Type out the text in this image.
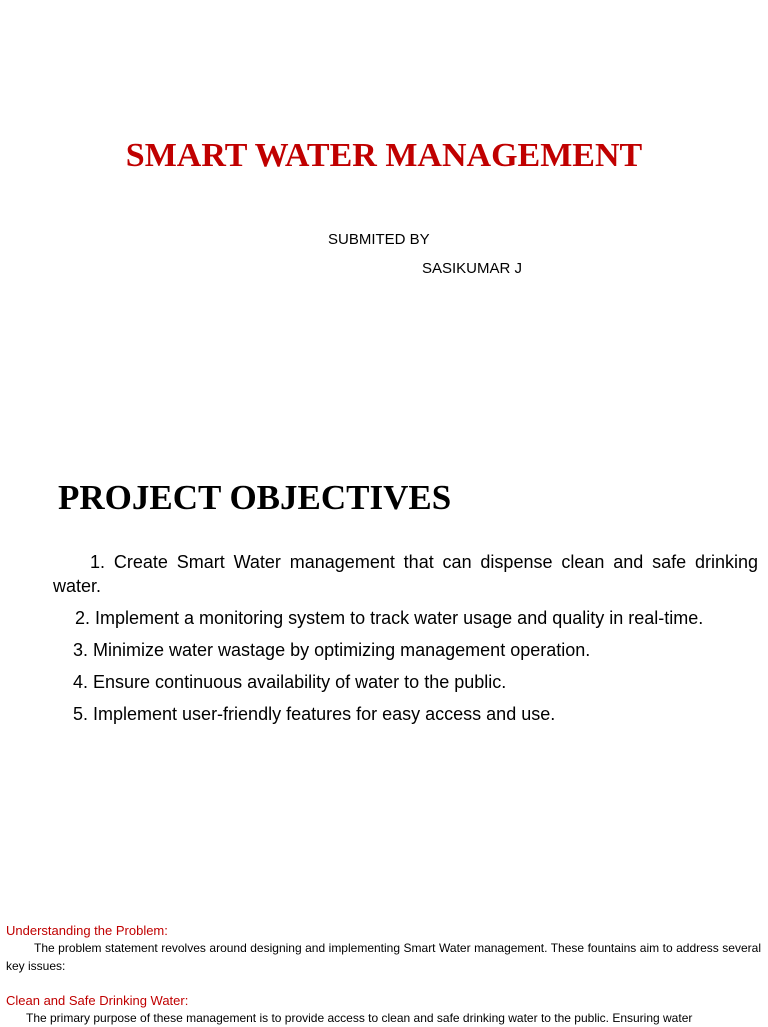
SMART WATER MANAGEMENT
SUBMITED BY
SASIKUMAR J
PROJECT OBJECTIVES

1. Create Smart Water management that can dispense clean and safe drinking water.

2. Implement a monitoring system to track water usage and quality in real-time.

3. Minimize water wastage by optimizing management operation.

4. Ensure continuous availability of water to the public.

5. Implement user-friendly features for easy access and use.

Understanding the Problem:

The problem statement revolves around designing and implementing Smart Water management. These fountains aim to address several key issues:

Clean and Safe Drinking Water:

The primary purpose of these management is to provide access to clean and safe drinking water to the public. Ensuring water
